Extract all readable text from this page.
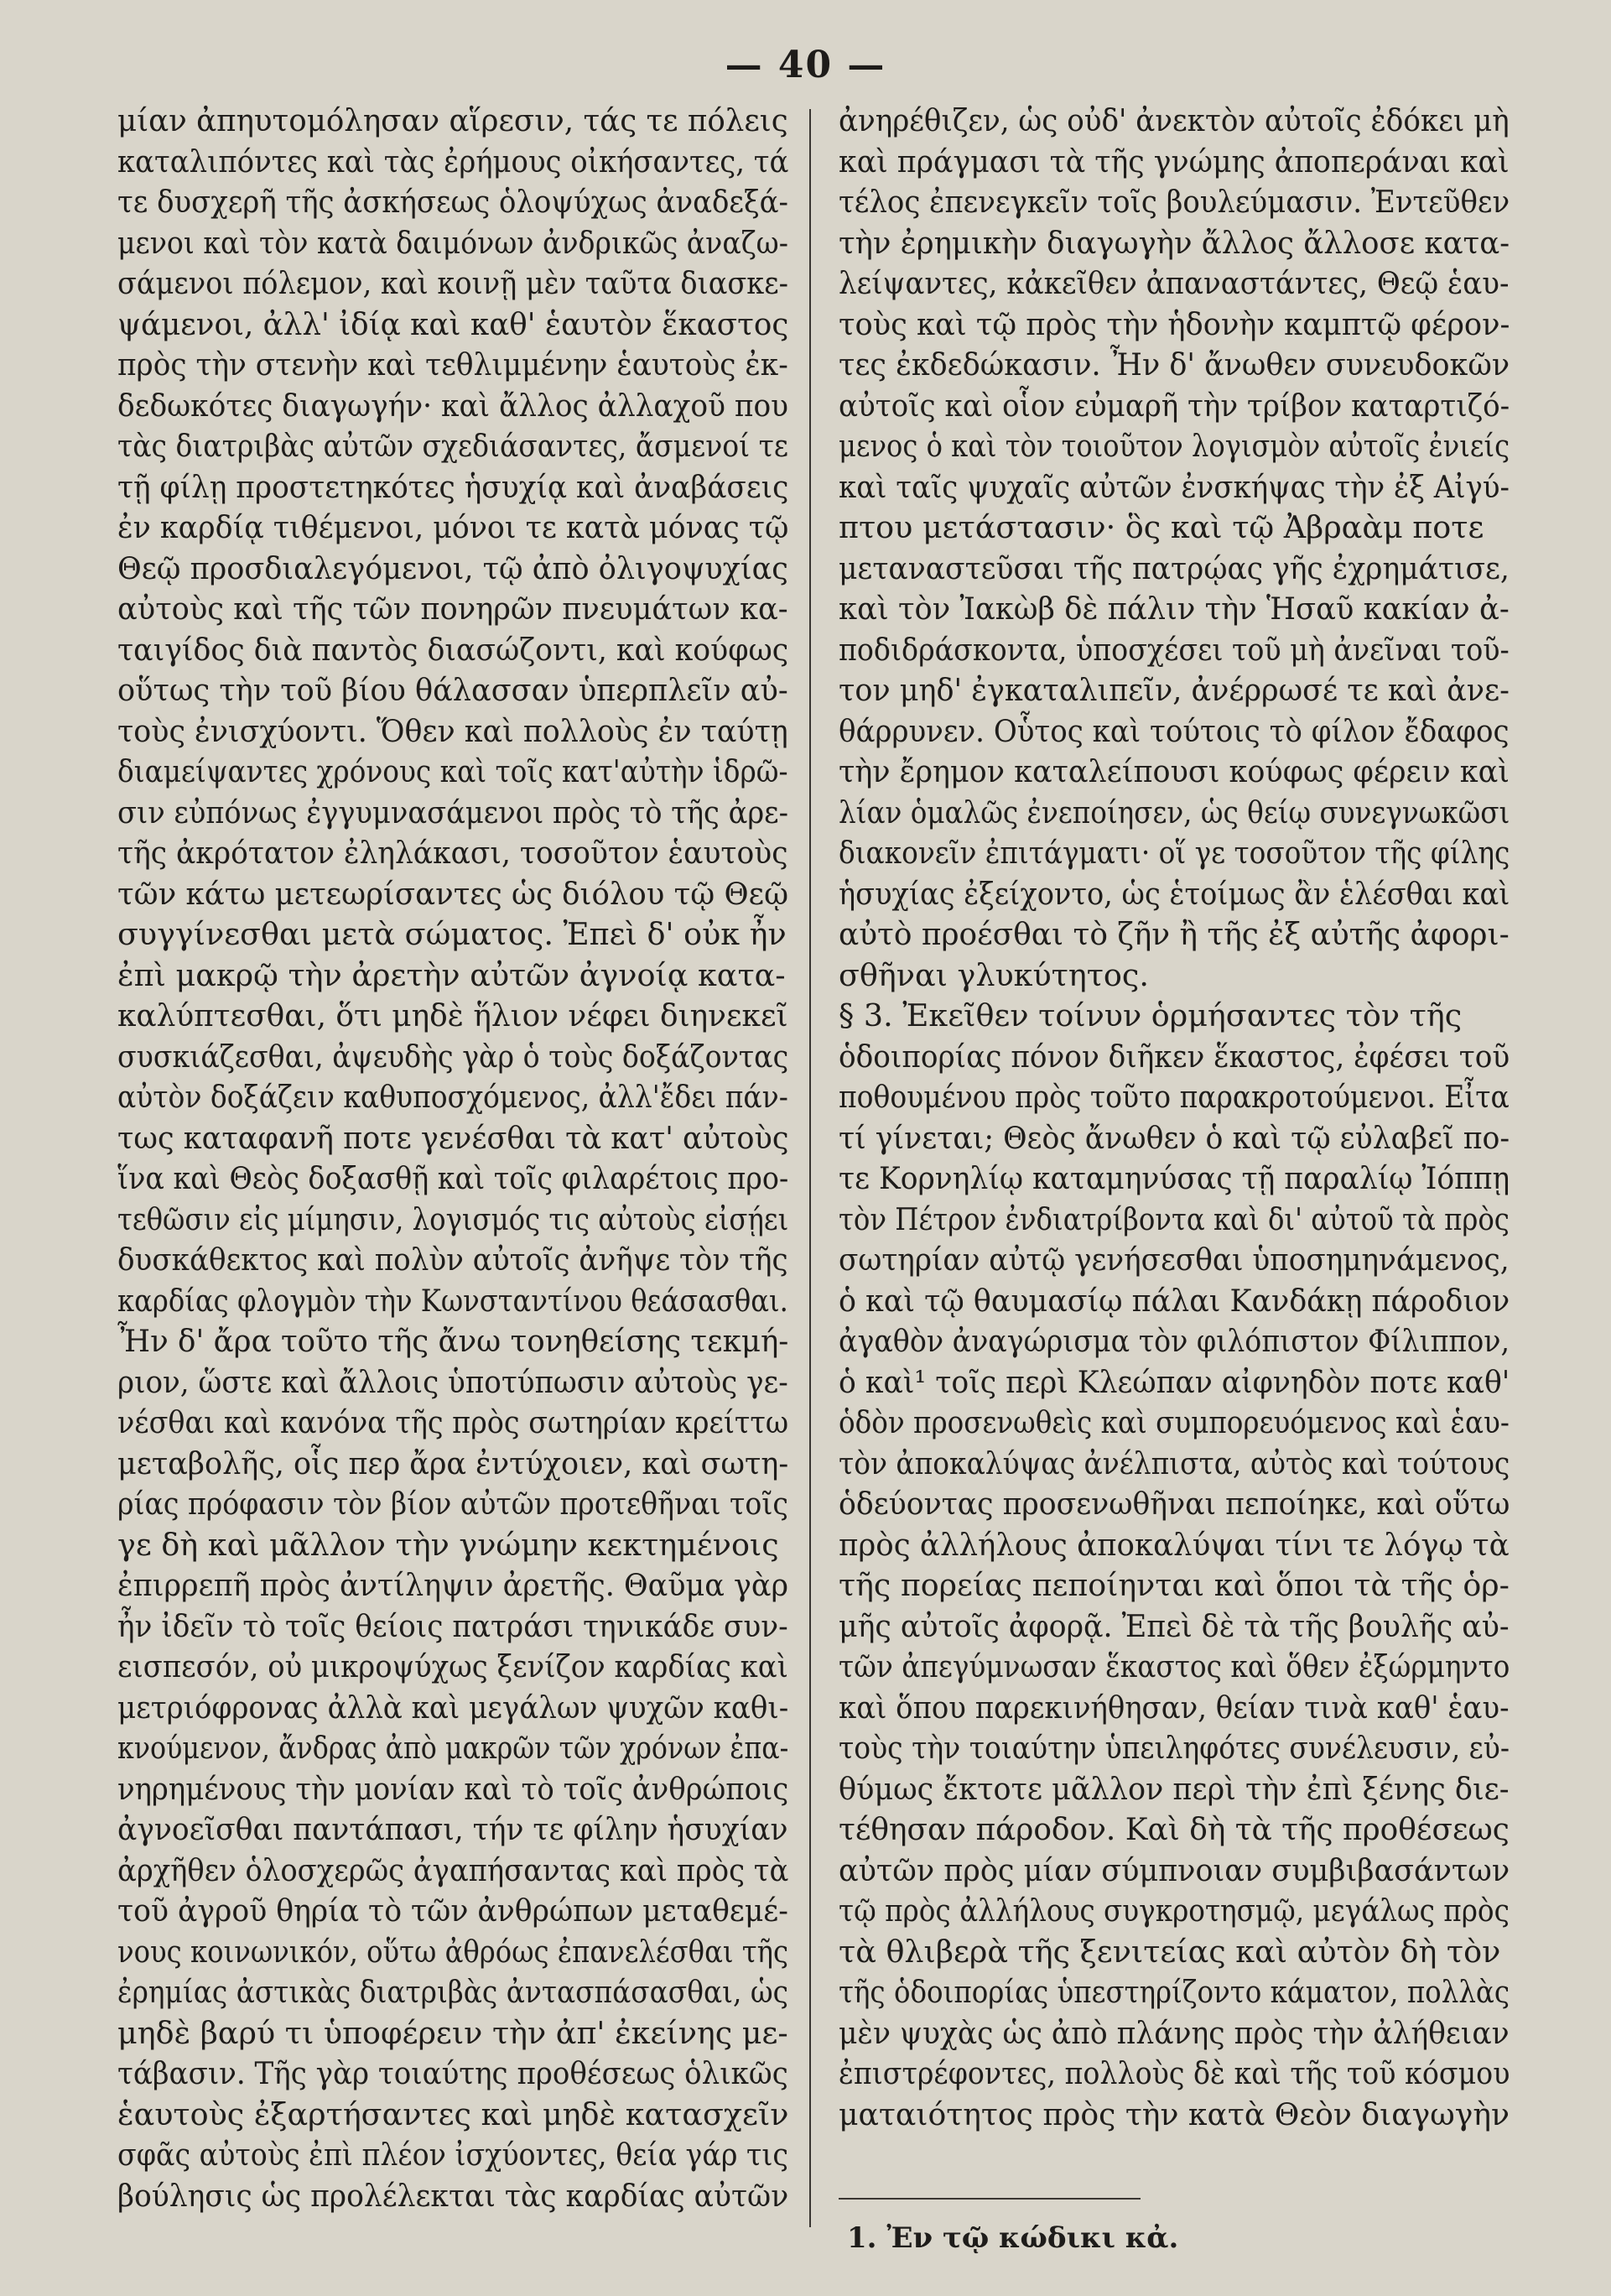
— 40 —
μίαν ἀπηυτομόλησαν αἵρεσιν, τάς τε πόλεις
καταλιπόντες καὶ τὰς ἐρήμους οἰκήσαντες, τά
τε δυσχερῆ τῆς ἀσκήσεως ὁλοψύχως ἀναδεξά-
μενοι καὶ τὸν κατὰ δαιμόνων ἀνδρικῶς ἀναζω-
σάμενοι πόλεμον, καὶ κοινῇ μὲν ταῦτα διασκε-
ψάμενοι, ἀλλ' ἰδίᾳ καὶ καθ' ἑαυτὸν ἕκαστος
πρὸς τὴν στενὴν καὶ τεθλιμμένην ἑαυτοὺς ἐκ-
δεδωκότες διαγωγήν· καὶ ἄλλος ἀλλαχοῦ που
τὰς διατριβὰς αὐτῶν σχεδιάσαντες, ἄσμενοί τε
τῇ φίλῃ προστετηκότες ἡσυχίᾳ καὶ ἀναβάσεις
ἐν καρδίᾳ τιθέμενοι, μόνοι τε κατὰ μόνας τῷ
Θεῷ προσδιαλεγόμενοι, τῷ ἀπὸ ὀλιγοψυχίας
αὐτοὺς καὶ τῆς τῶν πονηρῶν πνευμάτων κα-
ταιγίδος διὰ παντὸς διασώζοντι, καὶ κούφως
οὕτως τὴν τοῦ βίου θάλασσαν ὑπερπλεῖν αὐ-
τοὺς ἐνισχύοντι. Ὅθεν καὶ πολλοὺς ἐν ταύτῃ
διαμείψαντες χρόνους καὶ τοῖς κατ'αὐτὴν ἱδρῶ-
σιν εὐπόνως ἐγγυμνασάμενοι πρὸς τὸ τῆς ἀρε-
τῆς ἀκρότατον ἐληλάκασι, τοσοῦτον ἑαυτοὺς
τῶν κάτω μετεωρίσαντες ὡς διόλου τῷ Θεῷ
συγγίνεσθαι μετὰ σώματος. Ἐπεὶ δ' οὐκ ἦν
ἐπὶ μακρῷ τὴν ἀρετὴν αὐτῶν ἀγνοίᾳ κατα-
καλύπτεσθαι, ὅτι μηδὲ ἥλιον νέφει διηνεκεῖ
συσκιάζεσθαι, ἀψευδὴς γὰρ ὁ τοὺς δοξάζοντας
αὐτὸν δοξάζειν καθυποσχόμενος, ἀλλ'ἔδει πάν-
τως καταφανῆ ποτε γενέσθαι τὰ κατ' αὐτοὺς
ἵνα καὶ Θεὸς δοξασθῇ καὶ τοῖς φιλαρέτοις προ-
τεθῶσιν εἰς μίμησιν, λογισμός τις αὐτοὺς εἰσῄει
δυσκάθεκτος καὶ πολὺν αὐτοῖς ἀνῆψε τὸν τῆς
καρδίας φλογμὸν τὴν Κωνσταντίνου θεάσασθαι.
Ἦν δ' ἄρα τοῦτο τῆς ἄνω τονηθείσης τεκμή-
ριον, ὥστε καὶ ἄλλοις ὑποτύπωσιν αὐτοὺς γε-
νέσθαι καὶ κανόνα τῆς πρὸς σωτηρίαν κρείττω
μεταβολῆς, οἷς περ ἄρα ἐντύχοιεν, καὶ σωτη-
ρίας πρόφασιν τὸν βίον αὐτῶν προτεθῆναι τοῖς
γε δὴ καὶ μᾶλλον τὴν γνώμην κεκτημένοις
ἐπιρρεπῆ πρὸς ἀντίληψιν ἀρετῆς. Θαῦμα γὰρ
ἦν ἰδεῖν τὸ τοῖς θείοις πατράσι τηνικάδε συν-
εισπεσόν, οὐ μικροψύχως ξενίζον καρδίας καὶ
μετριόφρονας ἀλλὰ καὶ μεγάλων ψυχῶν καθι-
κνούμενον, ἄνδρας ἀπὸ μακρῶν τῶν χρόνων ἐπα-
νηρημένους τὴν μονίαν καὶ τὸ τοῖς ἀνθρώποις
ἀγνοεῖσθαι παντάπασι, τήν τε φίλην ἡσυχίαν
ἀρχῆθεν ὁλοσχερῶς ἀγαπήσαντας καὶ πρὸς τὰ
τοῦ ἀγροῦ θηρία τὸ τῶν ἀνθρώπων μεταθεμέ-
νους κοινωνικόν, οὕτω ἀθρόως ἐπανελέσθαι τῆς
ἐρημίας ἀστικὰς διατριβὰς ἀντασπάσασθαι, ὡς
μηδὲ βαρύ τι ὑποφέρειν τὴν ἀπ' ἐκείνης με-
τάβασιν. Τῆς γὰρ τοιαύτης προθέσεως ὁλικῶς
ἑαυτοὺς ἐξαρτήσαντες καὶ μηδὲ κατασχεῖν
σφᾶς αὐτοὺς ἐπὶ πλέον ἰσχύοντες, θεία γάρ τις
βούλησις ὡς προλέλεκται τὰς καρδίας αὐτῶν
ἀνηρέθιζεν, ὡς οὐδ' ἀνεκτὸν αὐτοῖς ἐδόκει μὴ
καὶ πράγμασι τὰ τῆς γνώμης ἀποπεράναι καὶ
τέλος ἐπενεγκεῖν τοῖς βουλεύμασιν. Ἐντεῦθεν
τὴν ἐρημικὴν διαγωγὴν ἄλλος ἄλλοσε κατα-
λείψαντες, κἀκεῖθεν ἀπαναστάντες, Θεῷ ἑαυ-
τοὺς καὶ τῷ πρὸς τὴν ἡδονὴν καμπτῷ φέρον-
τες ἐκδεδώκασιν. Ἦν δ' ἄνωθεν συνευδοκῶν
αὐτοῖς καὶ οἷον εὐμαρῆ τὴν τρίβον καταρτιζό-
μενος ὁ καὶ τὸν τοιοῦτον λογισμὸν αὐτοῖς ἐνιείς
καὶ ταῖς ψυχαῖς αὐτῶν ἐνσκήψας τὴν ἐξ Αἰγύ-
πτου μετάστασιν· ὃς καὶ τῷ Ἀβραὰμ ποτε
μεταναστεῦσαι τῆς πατρῴας γῆς ἐχρημάτισε,
καὶ τὸν Ἰακὼβ δὲ πάλιν τὴν Ἡσαῦ κακίαν ἀ-
ποδιδράσκοντα, ὑποσχέσει τοῦ μὴ ἀνεῖναι τοῦ-
τον μηδ' ἐγκαταλιπεῖν, ἀνέρρωσέ τε καὶ ἀνε-
θάρρυνεν. Οὗτος καὶ τούτοις τὸ φίλον ἔδαφος
τὴν ἔρημον καταλείπουσι κούφως φέρειν καὶ
λίαν ὁμαλῶς ἐνεποίησεν, ὡς θείῳ συνεγνωκῶσι
διακονεῖν ἐπιτάγματι· οἵ γε τοσοῦτον τῆς φίλης
ἡσυχίας ἐξείχοντο, ὡς ἑτοίμως ἂν ἑλέσθαι καὶ
αὐτὸ προέσθαι τὸ ζῆν ἢ τῆς ἐξ αὐτῆς ἀφορι-
σθῆναι γλυκύτητος.
§ 3. Ἐκεῖθεν τοίνυν ὁρμήσαντες τὸν τῆς
ὁδοιπορίας πόνον διῆκεν ἕκαστος, ἐφέσει τοῦ
ποθουμένου πρὸς τοῦτο παρακροτούμενοι. Εἶτα
τί γίνεται; Θεὸς ἄνωθεν ὁ καὶ τῷ εὐλαβεῖ πο-
τε Κορνηλίῳ καταμηνύσας τῇ παραλίῳ Ἰόππῃ
τὸν Πέτρον ἐνδιατρίβοντα καὶ δι' αὐτοῦ τὰ πρὸς
σωτηρίαν αὐτῷ γενήσεσθαι ὑποσημηνάμενος,
ὁ καὶ τῷ θαυμασίῳ πάλαι Κανδάκῃ πάροδιον
ἀγαθὸν ἀναγώρισμα τὸν φιλόπιστον Φίλιππον,
ὁ καὶ¹ τοῖς περὶ Κλεώπαν αἰφνηδὸν ποτε καθ'
ὁδὸν προσενωθεὶς καὶ συμπορευόμενος καὶ ἑαυ-
τὸν ἀποκαλύψας ἀνέλπιστα, αὐτὸς καὶ τούτους
ὁδεύοντας προσενωθῆναι πεποίηκε, καὶ οὕτω
πρὸς ἀλλήλους ἀποκαλύψαι τίνι τε λόγῳ τὰ
τῆς πορείας πεποίηνται καὶ ὅποι τὰ τῆς ὁρ-
μῆς αὐτοῖς ἀφορᾷ. Ἐπεὶ δὲ τὰ τῆς βουλῆς αὐ-
τῶν ἀπεγύμνωσαν ἕκαστος καὶ ὅθεν ἐξώρμηντο
καὶ ὅπου παρεκινήθησαν, θείαν τινὰ καθ' ἑαυ-
τοὺς τὴν τοιαύτην ὑπειληφότες συνέλευσιν, εὐ-
θύμως ἔκτοτε μᾶλλον περὶ τὴν ἐπὶ ξένης διε-
τέθησαν πάροδον. Καὶ δὴ τὰ τῆς προθέσεως
αὐτῶν πρὸς μίαν σύμπνοιαν συμβιβασάντων
τῷ πρὸς ἀλλήλους συγκροτησμῷ, μεγάλως πρὸς
τὰ θλιβερὰ τῆς ξενιτείας καὶ αὐτὸν δὴ τὸν
τῆς ὁδοιπορίας ὑπεστηρίζοντο κάματον, πολλὰς
μὲν ψυχὰς ὡς ἀπὸ πλάνης πρὸς τὴν ἀλήθειαν
ἐπιστρέφοντες, πολλοὺς δὲ καὶ τῆς τοῦ κόσμου
ματαιότητος πρὸς τὴν κατὰ Θεὸν διαγωγὴν
1. Ἐν τῷ κώδικι κἀ.
